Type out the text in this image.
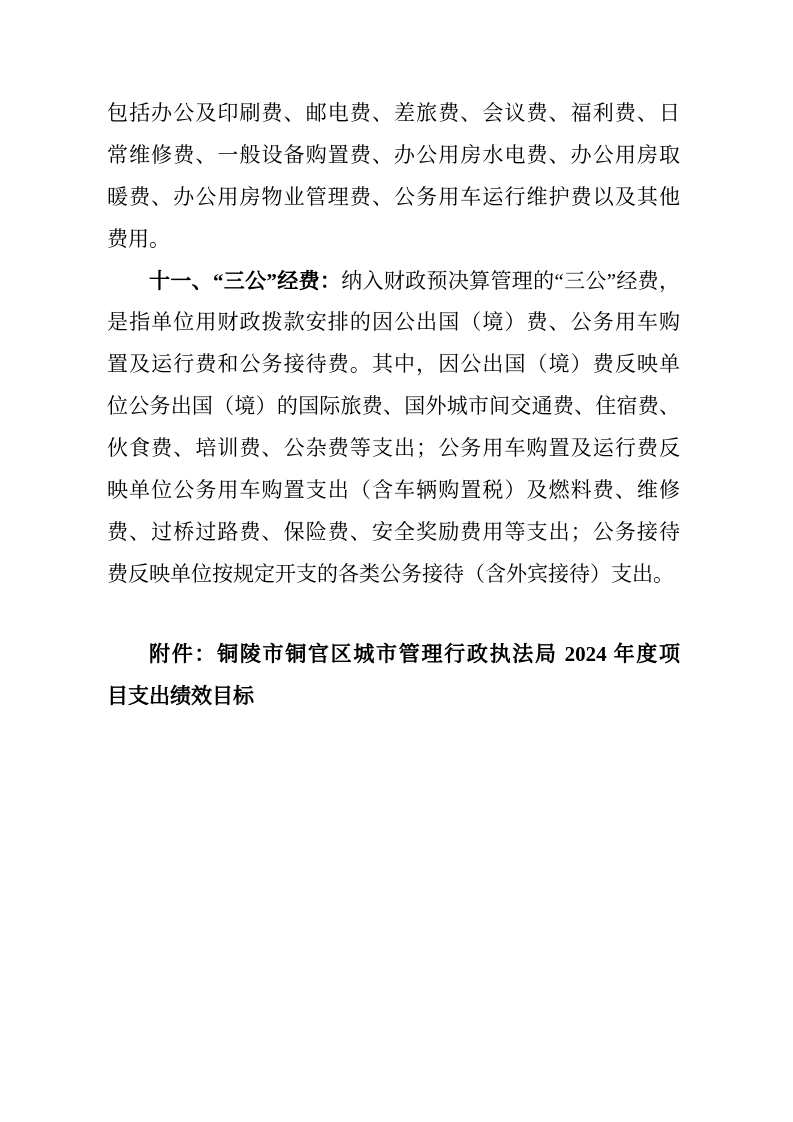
包括办公及印刷费、邮电费、差旅费、会议费、福利费、日
常维修费、一般设备购置费、办公用房水电费、办公用房取
暖费、办公用房物业管理费、公务用车运行维护费以及其他
费用。
十一、“三公”经费：纳入财政预决算管理的“三公”经费，
是指单位用财政拨款安排的因公出国（境）费、公务用车购
置及运行费和公务接待费。其中，因公出国（境）费反映单
位公务出国（境）的国际旅费、国外城市间交通费、住宿费、
伙食费、培训费、公杂费等支出；公务用车购置及运行费反
映单位公务用车购置支出（含车辆购置税）及燃料费、维修
费、过桥过路费、保险费、安全奖励费用等支出；公务接待
费反映单位按规定开支的各类公务接待（含外宾接待）支出。
附件：铜陵市铜官区城市管理行政执法局 2024 年度项
目支出绩效目标
